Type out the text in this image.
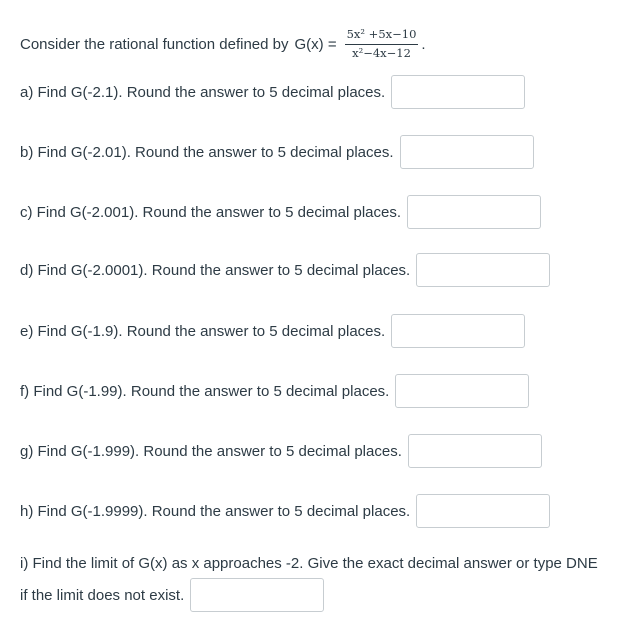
Consider the rational function defined by $G(x) = \frac{\text{5x² +5x−10}}{\text{x²−4x−12}}$ .
a) Find G(-2.1). Round the answer to 5 decimal places.
b) Find G(-2.01). Round the answer to 5 decimal places.
c) Find G(-2.001). Round the answer to 5 decimal places.
d) Find G(-2.0001). Round the answer to 5 decimal places.
e) Find G(-1.9). Round the answer to 5 decimal places.
f) Find G(-1.99). Round the answer to 5 decimal places.
g) Find G(-1.999). Round the answer to 5 decimal places.
h) Find G(-1.9999). Round the answer to 5 decimal places.
i) Find the limit of G(x) as x approaches -2. Give the exact decimal answer or type DNE
if the limit does not exist.
